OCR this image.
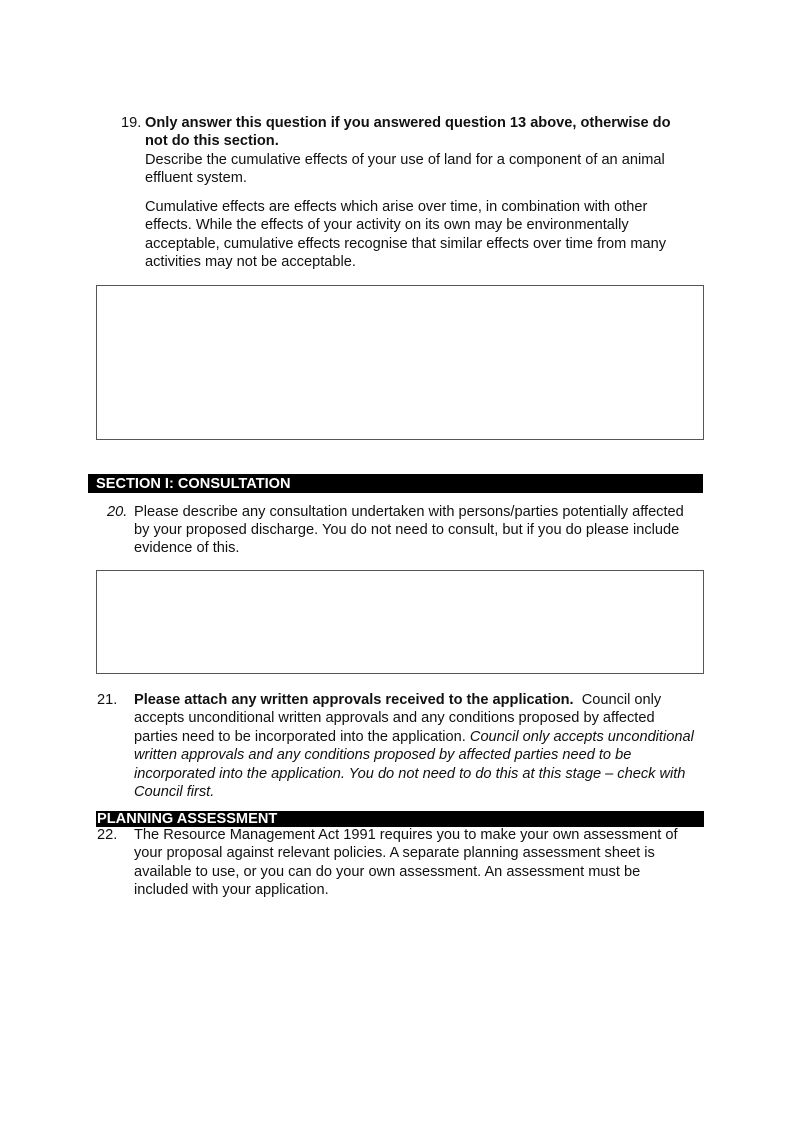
19. Only answer this question if you answered question 13 above, otherwise do
not do this section.
Describe the cumulative effects of your use of land for a component of an animal
effluent system.
Cumulative effects are effects which arise over time, in combination with other
effects. While the effects of your activity on its own may be environmentally
acceptable, cumulative effects recognise that similar effects over time from many
activities may not be acceptable.
SECTION I: CONSULTATION
20. Please describe any consultation undertaken with persons/parties potentially affected
by your proposed discharge. You do not need to consult, but if you do please include
evidence of this.
21. Please attach any written approvals received to the application. Council only
accepts unconditional written approvals and any conditions proposed by affected
parties need to be incorporated into the application. Council only accepts unconditional
written approvals and any conditions proposed by affected parties need to be
incorporated into the application. You do not need to do this at this stage – check with
Council first.
PLANNING ASSESSMENT
22. The Resource Management Act 1991 requires you to make your own assessment of
your proposal against relevant policies. A separate planning assessment sheet is
available to use, or you can do your own assessment. An assessment must be
included with your application.
